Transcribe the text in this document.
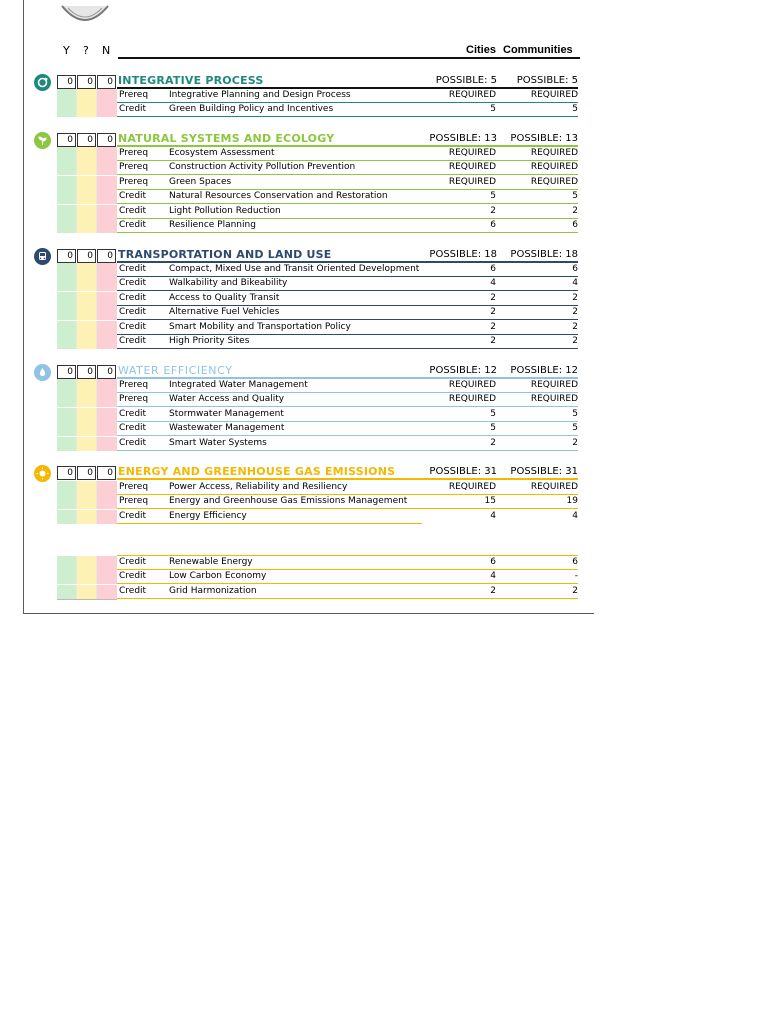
Y ? N	Cities Communities
0	0	0 INTEGRATIVE PROCESS	POSSIBLE: 5	POSSIBLE: 5
Prereq Integrative Planning and Design Process	REQUIRED	REQUIRED
Credit	Green Building Policy and Incentives	5	5
0	0	0 NATURAL SYSTEMS AND ECOLOGY	POSSIBLE: 13	POSSIBLE: 13
Prereq Ecosystem Assessment	REQUIRED	REQUIRED
Prereq Construction Activity Pollution Prevention	REQUIRED	REQUIRED
Prereq Green Spaces	REQUIRED	REQUIRED
Credit	Natural Resources Conservation and Restoration	5	5
Credit	Light Pollution Reduction	2	2
Credit	Resilience Planning	6	6
0	0	0 TRANSPORTATION AND LAND USE	POSSIBLE: 18	POSSIBLE: 18
Credit	Compact, Mixed Use and Transit Oriented Development	6	6
Credit	Walkability and Bikeability	4	4
Credit	Access to Quality Transit	2	2
Credit	Alternative Fuel Vehicles	2	2
Credit	Smart Mobility and Transportation Policy	2	2
Credit	High Priority Sites	2	2
0	0	0 WATER EFFICIENCY	POSSIBLE: 12	POSSIBLE: 12
Prereq Integrated Water Management	REQUIRED	REQUIRED
Prereq Water Access and Quality	REQUIRED	REQUIRED
Credit	Stormwater Management	5	5
Credit	Wastewater Management	5	5
Credit	Smart Water Systems	2	2
0	0	0 ENERGY AND GREENHOUSE GAS EMISSIONS	POSSIBLE: 31	POSSIBLE: 31
Prereq Power Access, Reliability and Resiliency	REQUIRED	REQUIRED
Prereq Energy and Greenhouse Gas Emissions Management	15	19
Credit	Energy Efficiency	4	4
Credit	Renewable Energy	6	6
Credit	Low Carbon Economy	4	-
Credit	Grid Harmonization	2	2
